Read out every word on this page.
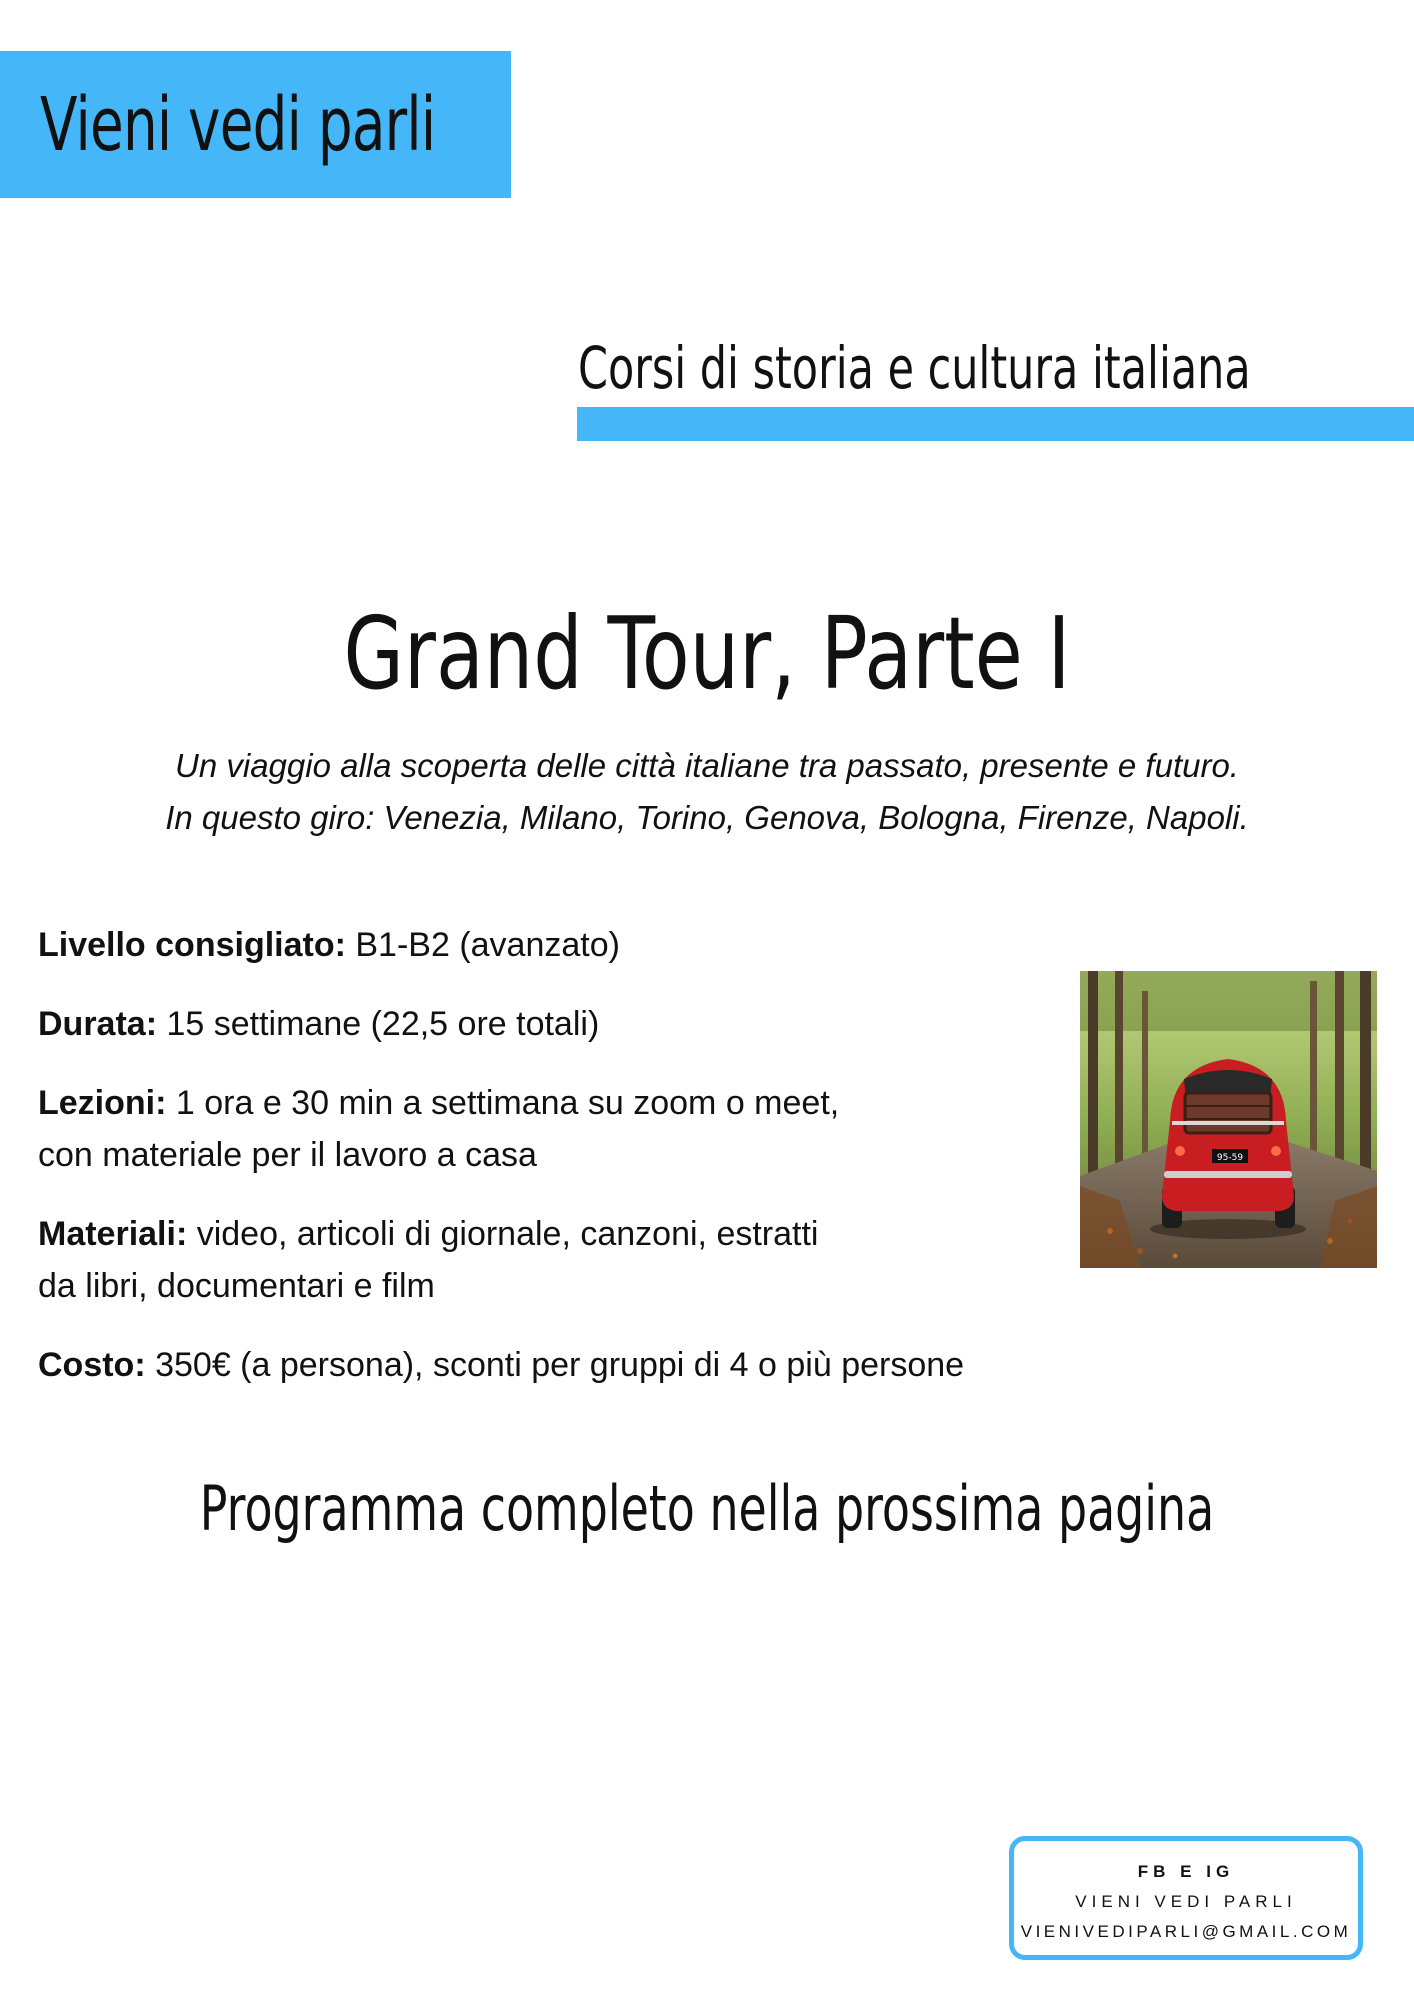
Vieni vedi parli
Corsi di storia e cultura italiana
Grand Tour, Parte I
Un viaggio alla scoperta delle città italiane tra passato, presente e futuro.
In questo giro: Venezia, Milano, Torino, Genova, Bologna, Firenze, Napoli.
Livello consigliato: B1-B2 (avanzato)
Durata: 15 settimane (22,5 ore totali)
Lezioni: 1 ora e 30 min a settimana su zoom o meet,
con materiale per il lavoro a casa
Materiali: video, articoli di giornale, canzoni, estratti
da libri, documentari e film
Costo: 350€ (a persona), sconti per gruppi di 4 o più persone
95-59
Programma completo nella prossima pagina
FB E IG
VIENI VEDI PARLI
VIENIVEDIPARLI@GMAIL.COM
